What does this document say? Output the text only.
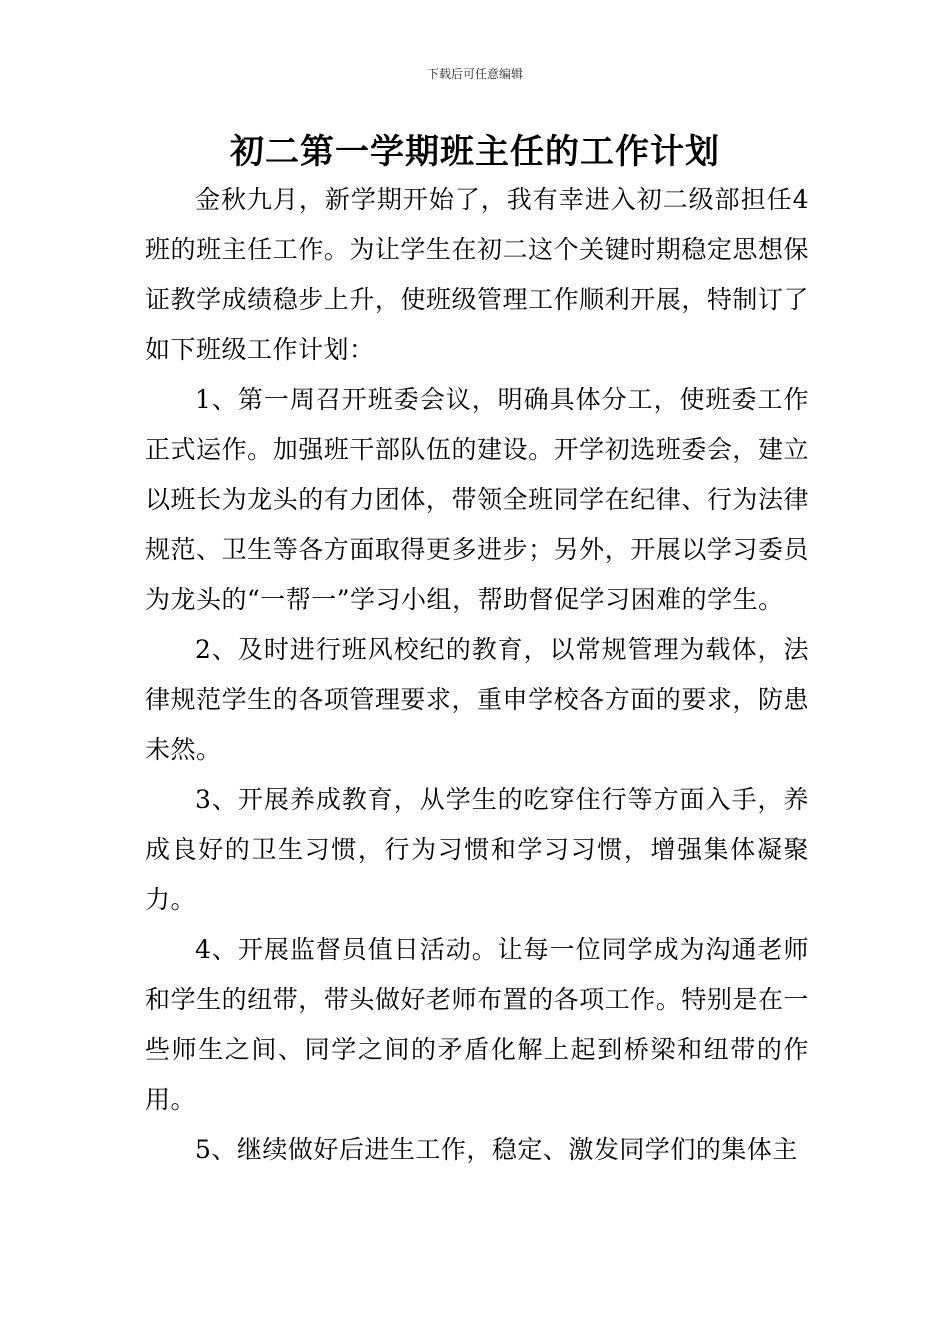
下载后可任意编辑
初二第一学期班主任的工作计划

金秋九月，新学期开始了，我有幸进入初二级部担任4班的班主任工作。为让学生在初二这个关键时期稳定思想保证教学成绩稳步上升，使班级管理工作顺利开展，特制订了如下班级工作计划：

1、第一周召开班委会议，明确具体分工，使班委工作正式运作。加强班干部队伍的建设。开学初选班委会，建立以班长为龙头的有力团体，带领全班同学在纪律、行为法律规范、卫生等各方面取得更多进步；另外，开展以学习委员为龙头的“一帮一”学习小组，帮助督促学习困难的学生。

2、及时进行班风校纪的教育，以常规管理为载体，法律规范学生的各项管理要求，重申学校各方面的要求，防患未然。

3、开展养成教育，从学生的吃穿住行等方面入手，养成良好的卫生习惯，行为习惯和学习习惯，增强集体凝聚力。

4、开展监督员值日活动。让每一位同学成为沟通老师和学生的纽带，带头做好老师布置的各项工作。特别是在一些师生之间、同学之间的矛盾化解上起到桥梁和纽带的作用。

5、继续做好后进生工作，稳定、激发同学们的集体主
